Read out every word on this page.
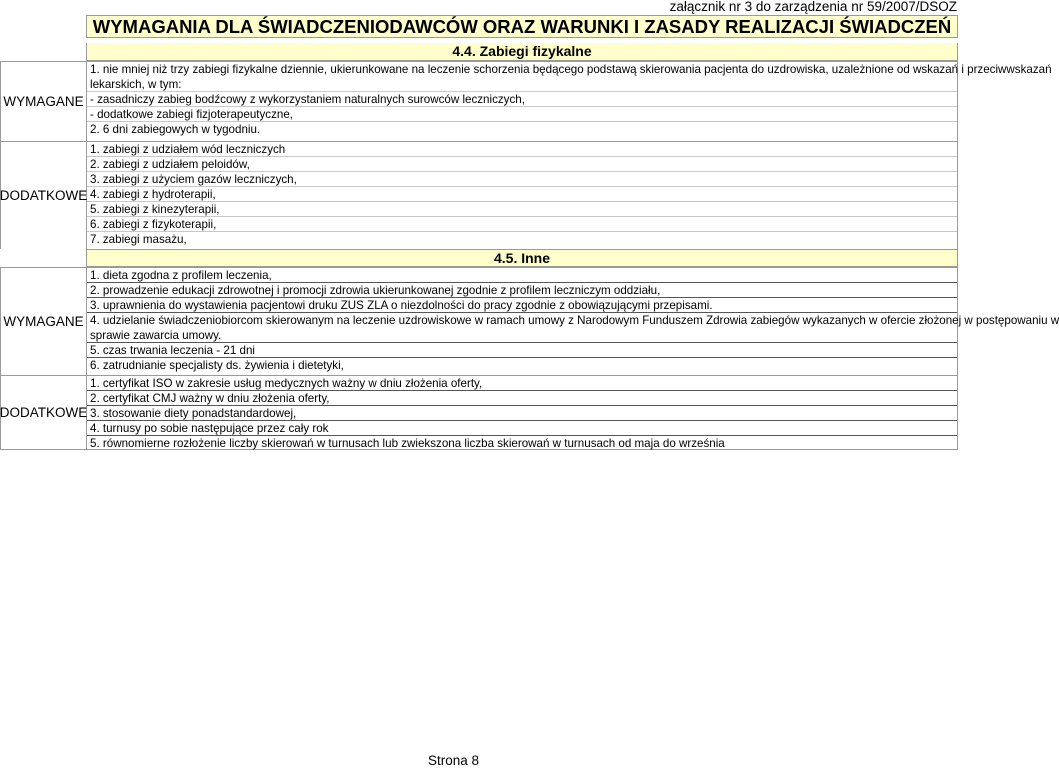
załącznik nr 3 do zarządzenia nr 59/2007/DSOZ
WYMAGANIA DLA ŚWIADCZENIODAWCÓW ORAZ WARUNKI I ZASADY REALIZACJI ŚWIADCZEŃ
4.4. Zabiegi fizykalne
WYMAGANE
1. nie mniej niż trzy zabiegi fizykalne dziennie, ukierunkowane na leczenie schorzenia będącego podstawą skierowania pacjenta do uzdrowiska, uzależnione od wskazań i przeciwwskazań
lekarskich, w tym:
- zasadniczy zabieg bodźcowy z wykorzystaniem naturalnych surowców leczniczych,
- dodatkowe zabiegi fizjoterapeutyczne,
2. 6 dni zabiegowych w tygodniu.
DODATKOWE
1. zabiegi z udziałem wód leczniczych
2. zabiegi z udziałem peloidów,
3. zabiegi z użyciem gazów leczniczych,
4. zabiegi z hydroterapii,
5. zabiegi z kinezyterapii,
6. zabiegi z fizykoterapii,
7. zabiegi masażu,
4.5. Inne
WYMAGANE
1. dieta zgodna z profilem leczenia,
2. prowadzenie edukacji zdrowotnej i promocji zdrowia ukierunkowanej zgodnie z profilem leczniczym oddziału,
3. uprawnienia do wystawienia pacjentowi druku ZUS ZLA o niezdolności do pracy zgodnie z obowiązującymi przepisami.
4. udzielanie świadczeniobiorcom skierowanym na leczenie uzdrowiskowe w ramach umowy z Narodowym Funduszem Zdrowia zabiegów wykazanych w ofercie złożonej w postępowaniu w
sprawie zawarcia umowy.
5. czas trwania leczenia - 21 dni
6. zatrudnianie specjalisty ds. żywienia i dietetyki,
DODATKOWE
1. certyfikat ISO w zakresie usług medycznych ważny w dniu złożenia oferty,
2. certyfikat CMJ ważny w dniu złożenia oferty,
3. stosowanie diety ponadstandardowej,
4. turnusy po sobie następujące przez cały rok
5. równomierne rozłożenie liczby skierowań w turnusach lub zwiekszona liczba skierowań w turnusach od maja do września
Strona 8
